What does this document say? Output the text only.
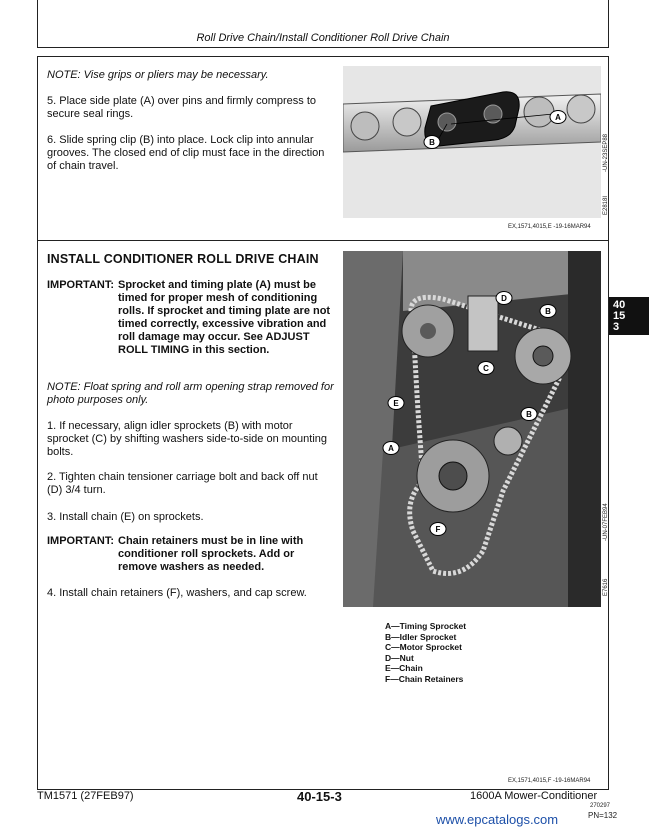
Roll Drive Chain/Install Conditioner Roll Drive Chain
NOTE: Vise grips or pliers may be necessary.
5. Place side plate (A) over pins and firmly compress to secure seal rings.
6. Slide spring clip (B) into place. Lock clip into annular grooves. The closed end of clip must face in the direction of chain travel.
A
B	-UN-23SEP88
E2818I
EX,1571,4015,E -19-16MAR94
INSTALL CONDITIONER ROLL DRIVE CHAIN
IMPORTANT: Sprocket and timing plate (A) must be timed for proper mesh of conditioning rolls. If sprocket and timing plate are not timed correctly, excessive vibration and roll damage may occur. See ADJUST ROLL TIMING in this section.
NOTE: Float spring and roll arm opening strap removed for photo purposes only.
1. If necessary, align idler sprockets (B) with motor sprocket (C) by shifting washers side-to-side on mounting bolts.
2. Tighten chain tensioner carriage bolt and back off nut (D) 3/4 turn.
3. Install chain (E) on sprockets.
IMPORTANT: Chain retainers must be in line with conditioner roll sprockets. Add or remove washers as needed.
4. Install chain retainers (F), washers, and cap screw.
D
B
C
E
B
A
F	-UN-07FEB94
E7616
A—Timing Sprocket
B—Idler Sprocket
C—Motor Sprocket
D—Nut
E—Chain
F—Chain Retainers
EX,1571,4015,F -19-16MAR94
40
15
3
TM1571 (27FEB97)	40-15-3	1600A Mower-Conditioner
270297
PN=132
www.epcatalogs.com
